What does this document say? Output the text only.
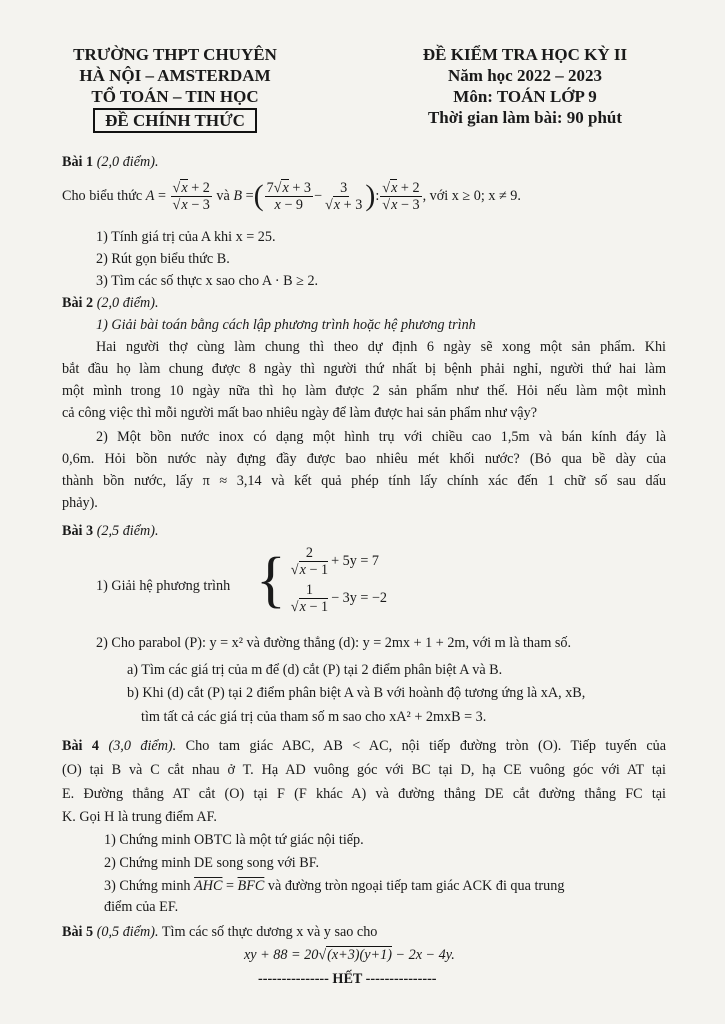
TRƯỜNG THPT CHUYÊN
HÀ NỘI – AMSTERDAM
TỔ TOÁN – TIN HỌC
ĐỀ CHÍNH THỨC
ĐỀ KIỂM TRA HỌC KỲ II
Năm học 2022 – 2023
Môn: TOÁN LỚP 9
Thời gian làm bài: 90 phút
Bài 1 (2,0 điểm).
Cho biểu thức
A = √ x + 2
√ x − 3
và
B = ( $\frac{7 √ x + 3}{x - 9} - 3$
√ x + 3 ) : √ x + 2
√ x − 3 , với x ≥ 0; x ≠ 9.
1) Tính giá trị của A khi x = 25.
2) Rút gọn biểu thức B.
3) Tìm các số thực x sao cho A · B ≥ 2.
Bài 2 (2,0 điểm).
1) Giải bài toán bằng cách lập phương trình hoặc hệ phương trình
Hai người thợ cùng làm chung thì theo dự định 6 ngày sẽ xong một sản phẩm. Khi
bắt đầu họ làm chung được 8 ngày thì người thứ nhất bị bệnh phải nghỉ, người thứ hai làm
một mình trong 10 ngày nữa thì họ làm được 2 sản phẩm như thế. Hỏi nếu làm một mình
cả công việc thì mỗi người mất bao nhiêu ngày để làm được hai sản phẩm như vậy?
2) Một bồn nước inox có dạng một hình trụ với chiều cao 1,5m và bán kính đáy là
0,6m. Hỏi bồn nước này đựng đầy được bao nhiêu mét khối nước? (Bỏ qua bề dày của
thành bồn nước, lấy π ≈ 3,14 và kết quả phép tính lấy chính xác đến 1 chữ số sau dấu
phảy).
Bài 3 (2,5 điểm).
1) Giải hệ phương trình { 2
√ x − 1 + 5y = 7
1
√ x − 1 − 3y = −2
2) Cho parabol (P): y = x² và đường thẳng (d): y = 2mx + 1 + 2m, với m là tham số.
a) Tìm các giá trị của m để (d) cắt (P) tại 2 điểm phân biệt A và B.
b) Khi (d) cắt (P) tại 2 điểm phân biệt A và B với hoành độ tương ứng là xA, xB,
tìm tất cả các giá trị của tham số m sao cho xA² + 2mxB = 3.
Bài 4 (3,0 điểm). Cho tam giác ABC, AB < AC, nội tiếp đường tròn (O). Tiếp tuyến của
(O) tại B và C cắt nhau ở T. Hạ AD vuông góc với BC tại D, hạ CE vuông góc với AT tại
E. Đường thẳng AT cắt (O) tại F (F khác A) và đường thẳng DE cắt đường thẳng FC tại
K. Gọi H là trung điểm AF.
1) Chứng minh OBTC là một tứ giác nội tiếp.
2) Chứng minh DE song song với BF.
3) Chứng minh $\overline{AHC} = \overline{BFC}$ và đường tròn ngoại tiếp tam giác ACK đi qua trung
điểm của EF.
Bài 5 (0,5 điểm). Tìm các số thực dương x và y sao cho
xy + 88 = 20 √ (x+3)(y+1) − 2x − 4y.
--------------- HẾT ---------------
